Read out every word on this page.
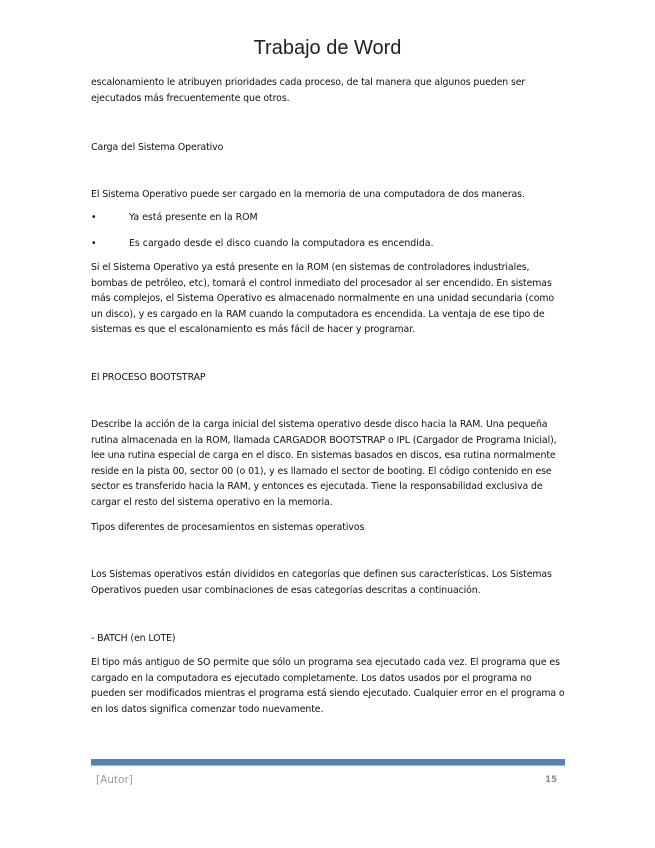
Trabajo de Word
escalonamiento le atribuyen prioridades cada proceso, de tal manera que algunos pueden ser ejecutados más frecuentemente que otros.
Carga del Sistema Operativo
El Sistema Operativo puede ser cargado en la memoria de una computadora de dos maneras.
•	Ya está presente en la ROM
•	Es cargado desde el disco cuando la computadora es encendida.
Si el Sistema Operativo ya está presente en la ROM (en sistemas de controladores industriales, bombas de petróleo, etc), tomará el control inmediato del procesador al ser encendido. En sistemas más complejos, el Sistema Operativo es almacenado normalmente en una unidad secundaria (como un disco), y es cargado en la RAM cuando la computadora es encendida. La ventaja de ese tipo de sistemas es que el escalonamiento es más fácil de hacer y programar.
El PROCESO BOOTSTRAP
Describe la acción de la carga inicial del sistema operativo desde disco hacia la RAM. Una pequeña rutina almacenada en la ROM, llamada CARGADOR BOOTSTRAP o IPL (Cargador de Programa Inicial), lee una rutina especial de carga en el disco. En sistemas basados en discos, esa rutina normalmente reside en la pista 00, sector 00 (o 01), y es llamado el sector de booting. El código contenido en ese sector es transferido hacia la RAM, y entonces es ejecutada. Tiene la responsabilidad exclusiva de cargar el resto del sistema operativo en la memoria.
Tipos diferentes de procesamientos en sistemas operativos
Los Sistemas operativos están divididos en categorías que definen sus características. Los Sistemas Operativos pueden usar combinaciones de esas categorías descritas a continuación.
- BATCH (en LOTE)
El tipo más antiguo de SO permite que sólo un programa sea ejecutado cada vez. El programa que es cargado en la computadora es ejecutado completamente. Los datos usados por el programa no pueden ser modificados mientras el programa está siendo ejecutado. Cualquier error en el programa o en los datos significa comenzar todo nuevamente.
[Autor]	15
